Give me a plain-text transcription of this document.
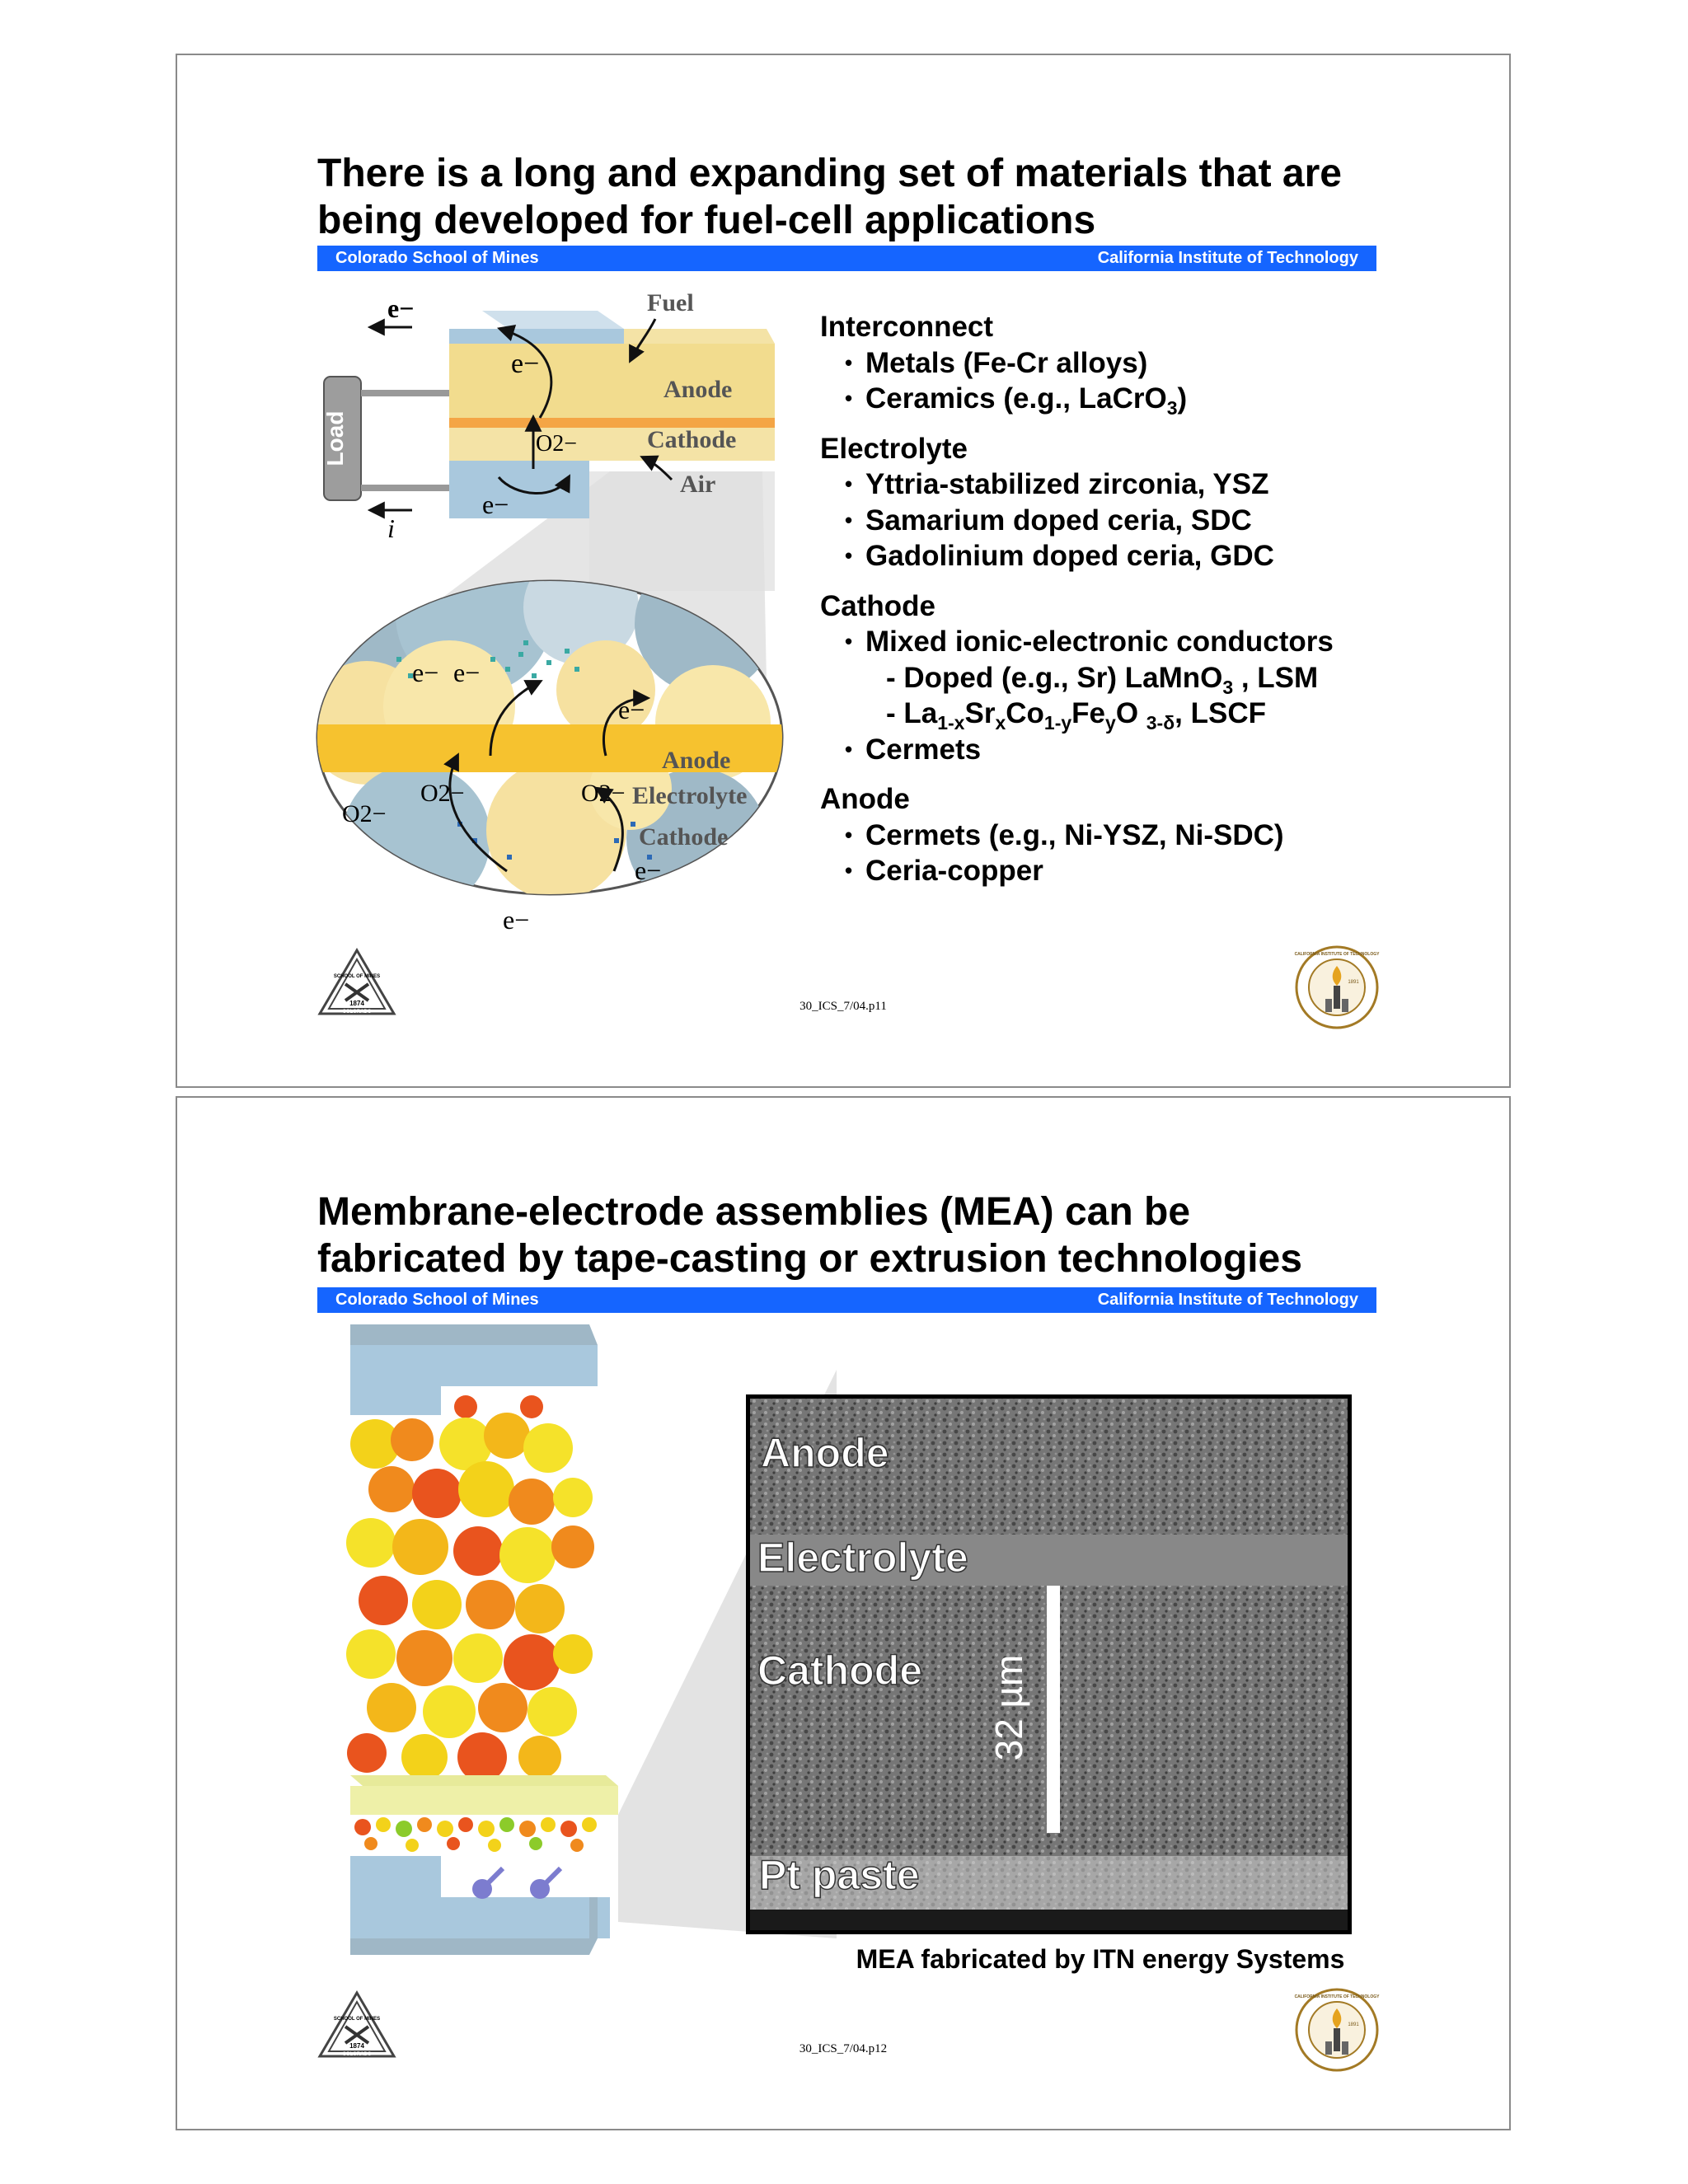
There is a long and expanding set of materials that are
being developed for fuel-cell applications
Colorado School of Mines	California Institute of Technology
Load
e−
i
e−
e−
O2−
Fuel
Anode
Cathode
Air
e− e−
e−
e−
e−
O2−
O2−	O2−
Anode
Electrolyte
Cathode
Interconnect
• Metals (Fe-Cr alloys)
• Ceramics (e.g., LaCrO$_3$)
Electrolyte
• Yttria-stabilized zirconia, YSZ
• Samarium doped ceria, SDC
• Gadolinium doped ceria, GDC
Cathode
• Mixed ionic-electronic conductors
- Doped (e.g., Sr) LaMnO$_3$ , LSM
- $La_{1-x}Sr_xCo_{1-y}Fe_yO$ $_{3-\delta}$, LSCF
• Cermets
Anode
• Cermets (e.g., Ni-YSZ, Ni-SDC)
• Ceria-copper
1874
SCHOOL OF MINES
COLORADO
CALIFORNIA INSTITUTE OF TECHNOLOGY
1891
30_ICS_7/04.p11
Membrane-electrode assemblies (MEA) can be
fabricated by tape-casting or extrusion technologies
Colorado School of Mines	California Institute of Technology
32 µm
Anode
Electrolyte
Cathode
Pt paste
MEA fabricated by ITN energy Systems
1874
SCHOOL OF MINES
COLORADO
CALIFORNIA INSTITUTE OF TECHNOLOGY
1891
30_ICS_7/04.p12
